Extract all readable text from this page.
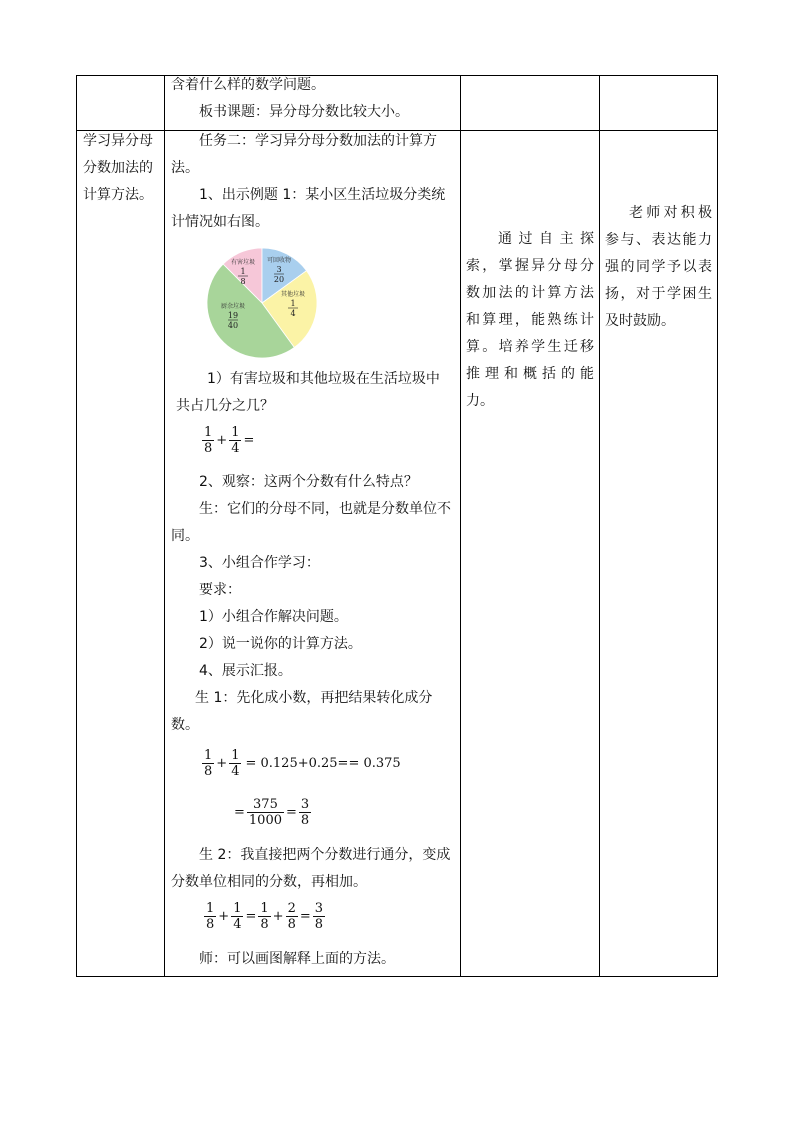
含着什么样的数学问题。
板书课题：异分母分数比较大小。
学习异分母
分数加法的
计算方法。
任务二：学习异分母分数加法的计算方
法。
1、出示例题 1：某小区生活垃圾分类统
计情况如右图。
有害垃圾
1
8
可回收物
3
20
其他垃圾
1
4
厨余垃圾
19
40
1）有害垃圾和其他垃圾在生活垃圾中
共占几分之几？
$\frac{1}{8} + \frac{1}{4}$ =
2、观察：这两个分数有什么特点？
生：它们的分母不同，也就是分数单位不
同。
3、小组合作学习：
要求：
1）小组合作解决问题。
2）说一说你的计算方法。
4、展示汇报。
生 1：先化成小数，再把结果转化成分
数。
$\frac{1}{8} + \frac{1}{4} = 0.125+0.25== 0.375$
= $\frac{375}{1000} = \frac{3}{8}$
生 2：我直接把两个分数进行通分，变成
分数单位相同的分数，再相加。
$\frac{1}{8} + \frac{1}{4} = \frac{1}{8} + \frac{2}{8} = \frac{3}{8}$
师：可以画图解释上面的方法。
通过自主探
索，掌握异分母分
数加法的计算方法
和算理，能熟练计
算。培养学生迁移
推理和概括的能
力。
老师对积极
参与、表达能力
强的同学予以表
扬，对于学困生
及时鼓励。
